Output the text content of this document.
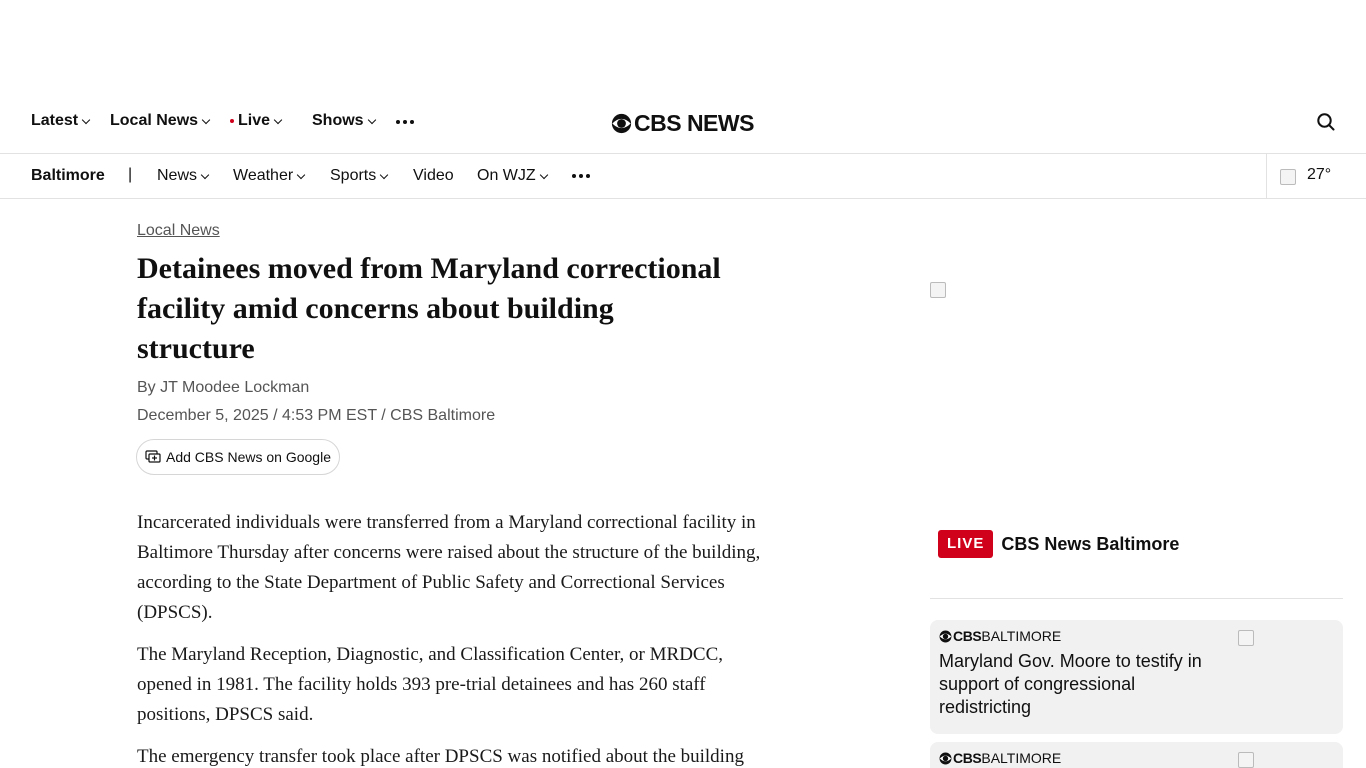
Latest Local News Live	Shows	CBS NEWS
Baltimore | News Weather Sports Video On WJZ	27°
Local News
Detainees moved from Maryland correctional facility amid concerns about building structure
By JT Moodee Lockman
December 5, 2025 / 4:53 PM EST / CBS Baltimore
Add CBS News on Google

Incarcerated individuals were transferred from a Maryland correctional facility in Baltimore Thursday after concerns were raised about the structure of the building, according to the State Department of Public Safety and Correctional Services (DPSCS).

The Maryland Reception, Diagnostic, and Classification Center, or MRDCC, opened in 1981. The facility holds 393 pre-trial detainees and has 260 staff positions, DPSCS said.

The emergency transfer took place after DPSCS was notified about the building

LIVE CBS News Baltimore
CBS BALTIMORE
Maryland Gov. Moore to testify in support of congressional redistricting
CBS BALTIMORE
